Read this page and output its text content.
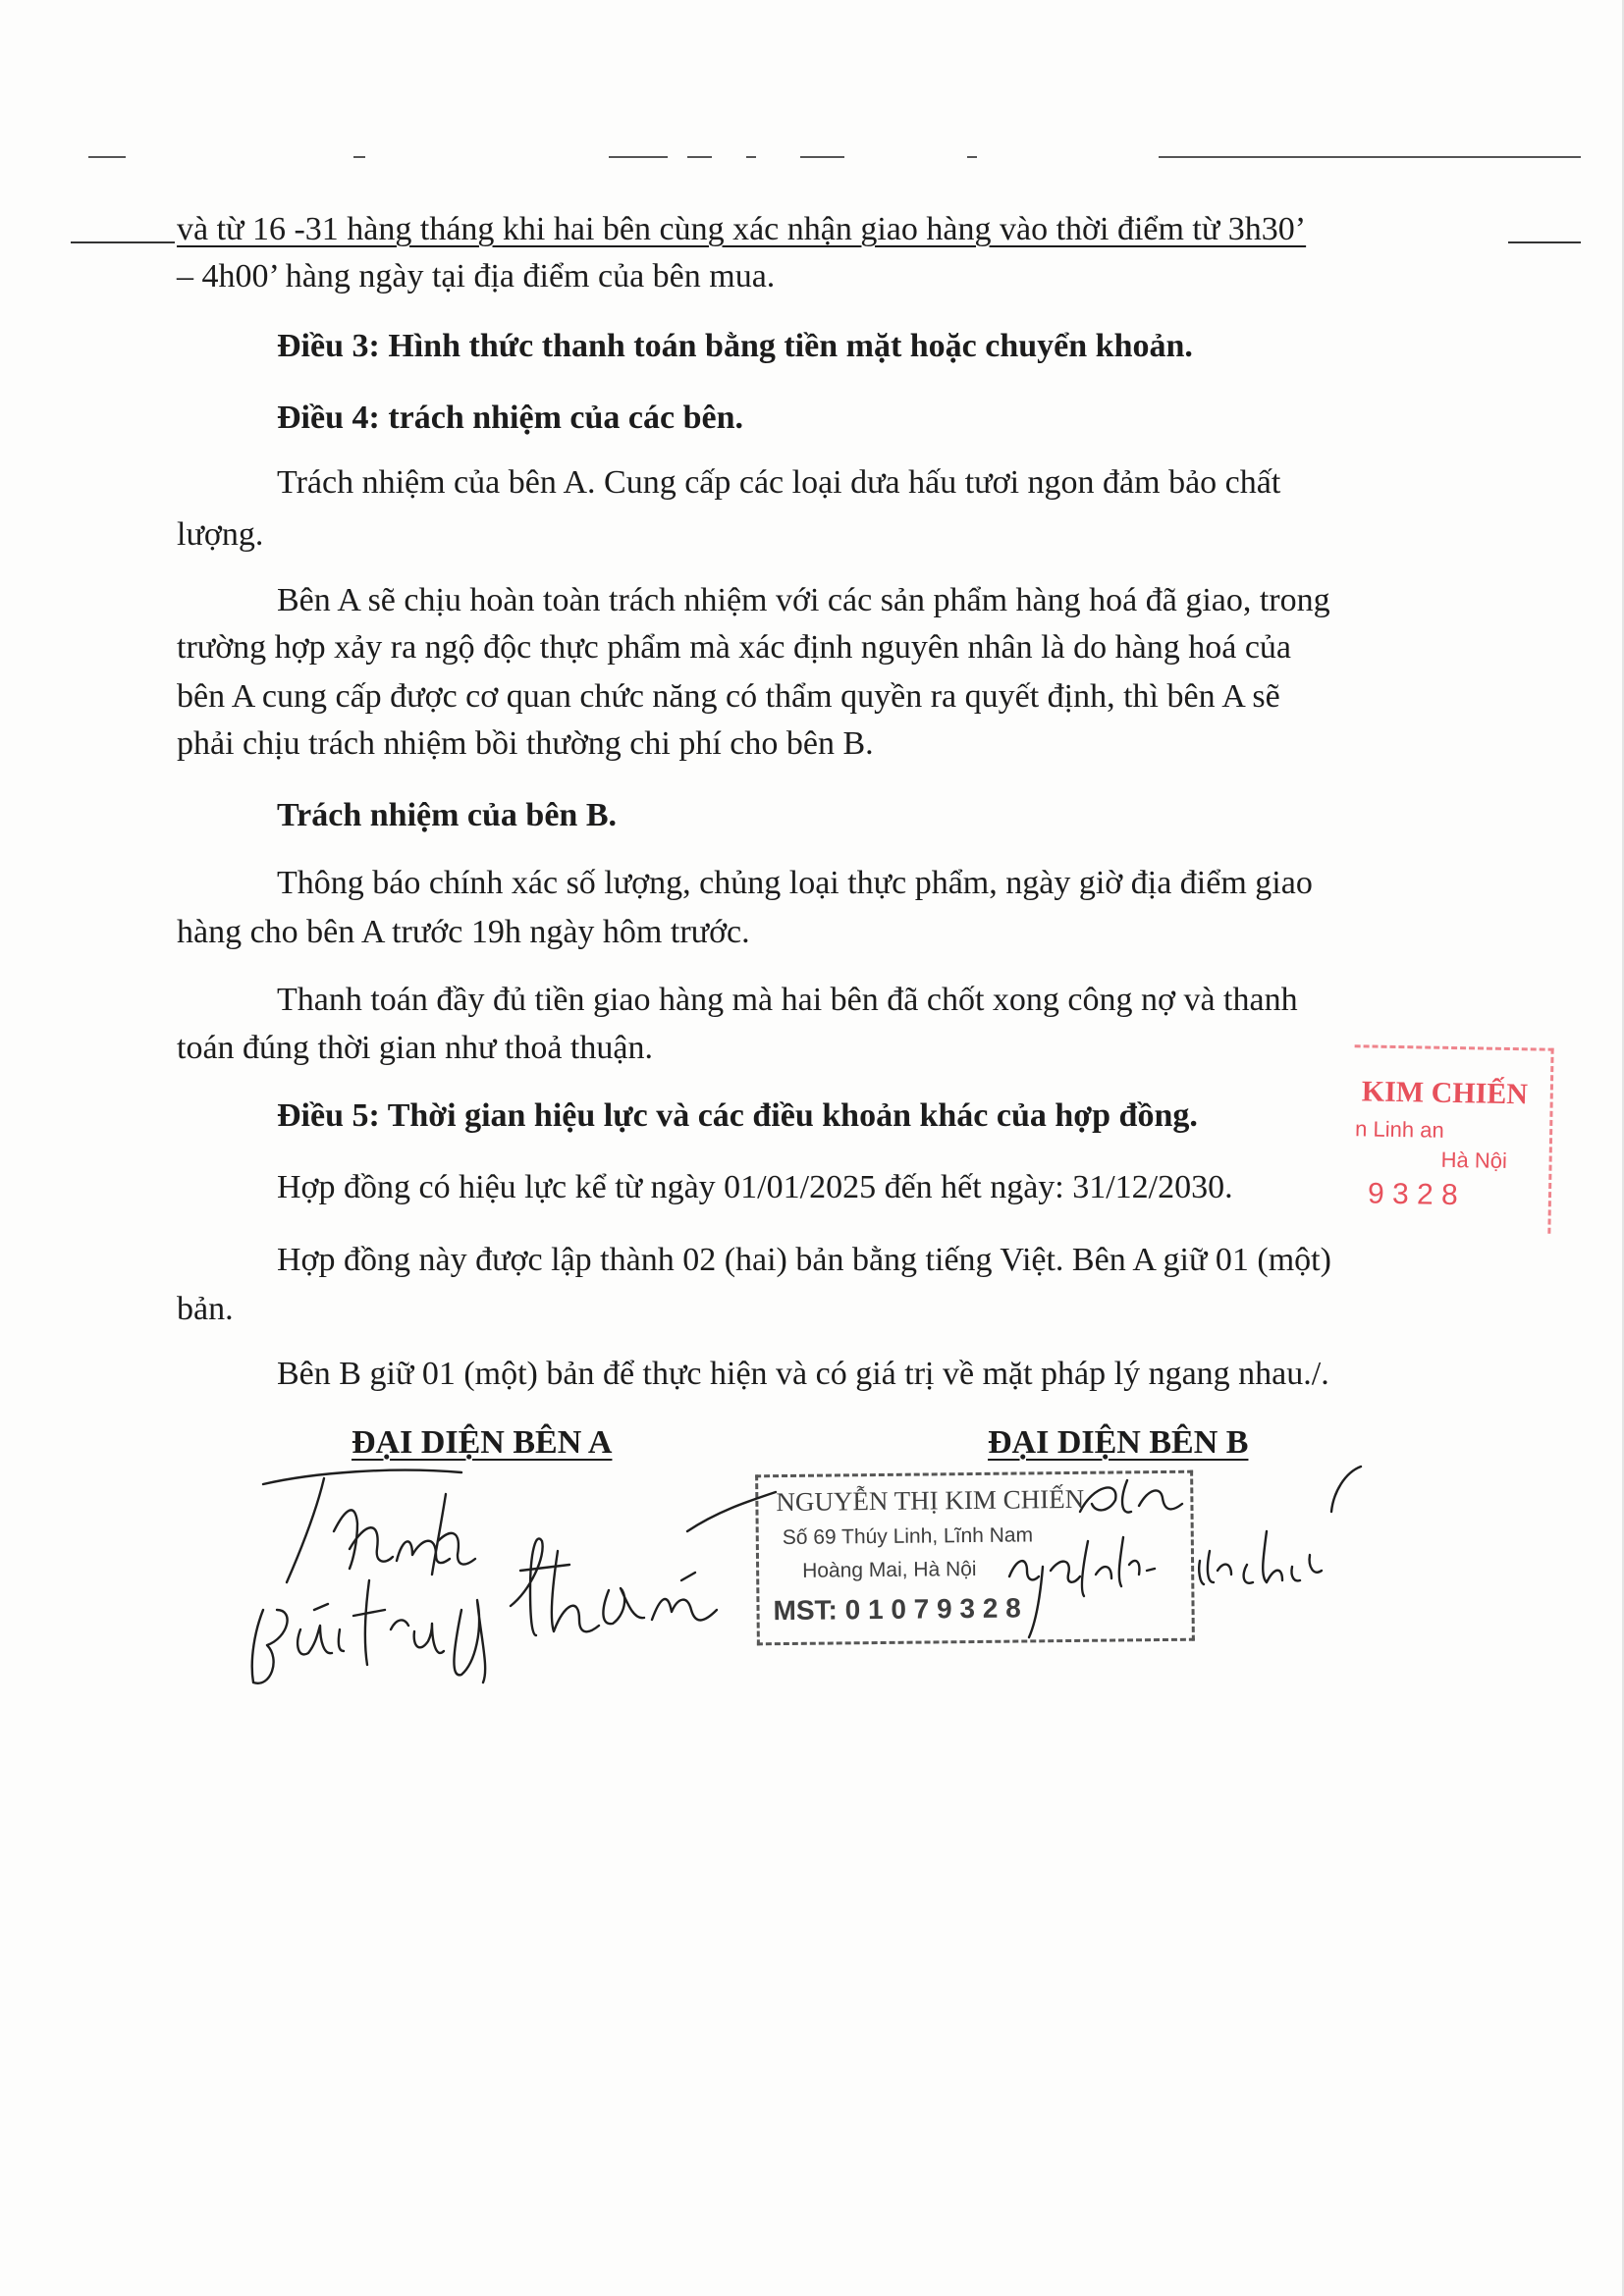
và từ 16 -31 hàng tháng khi hai bên cùng xác nhận giao hàng vào thời điểm từ 3h30’

– 4h00’ hàng ngày tại địa điểm của bên mua.

Điều 3: Hình thức thanh toán bằng tiền mặt hoặc chuyển khoản.

Điều 4: trách nhiệm của các bên.

Trách nhiệm của bên A. Cung cấp các loại dưa hấu tươi ngon đảm bảo chất

lượng.

Bên A sẽ chịu hoàn toàn trách nhiệm với các sản phẩm hàng hoá đã giao, trong

trường hợp xảy ra ngộ độc thực phẩm mà xác định nguyên nhân là do hàng hoá của

bên A cung cấp được cơ quan chức năng có thẩm quyền ra quyết định, thì bên A sẽ

phải chịu trách nhiệm bồi thường chi phí cho bên B.

Trách nhiệm của bên B.

Thông báo chính xác số lượng, chủng loại thực phẩm, ngày giờ địa điểm giao

hàng cho bên A trước 19h ngày hôm trước.

Thanh toán đầy đủ tiền giao hàng mà hai bên đã chốt xong công nợ và thanh

toán đúng thời gian như thoả thuận.

Điều 5: Thời gian hiệu lực và các điều khoản khác của hợp đồng.

Hợp đồng có hiệu lực kể từ ngày 01/01/2025 đến hết ngày: 31/12/2030.

Hợp đồng này được lập thành 02 (hai) bản bằng tiếng Việt. Bên A giữ 01 (một)

bản.

Bên B giữ 01 (một) bản để thực hiện và có giá trị về mặt pháp lý ngang nhau./.

ĐẠI DIỆN BÊN A	ĐẠI DIỆN BÊN B

KIM CHIẾN
n Linh an
Hà Nội
9 3 2 8
NGUYỄN THỊ KIM CHIẾN
Số 69 Thúy Linh, Lĩnh Nam
Hoàng Mai, Hà Nội
MST: 0 1 0 7 9 3 2 8
